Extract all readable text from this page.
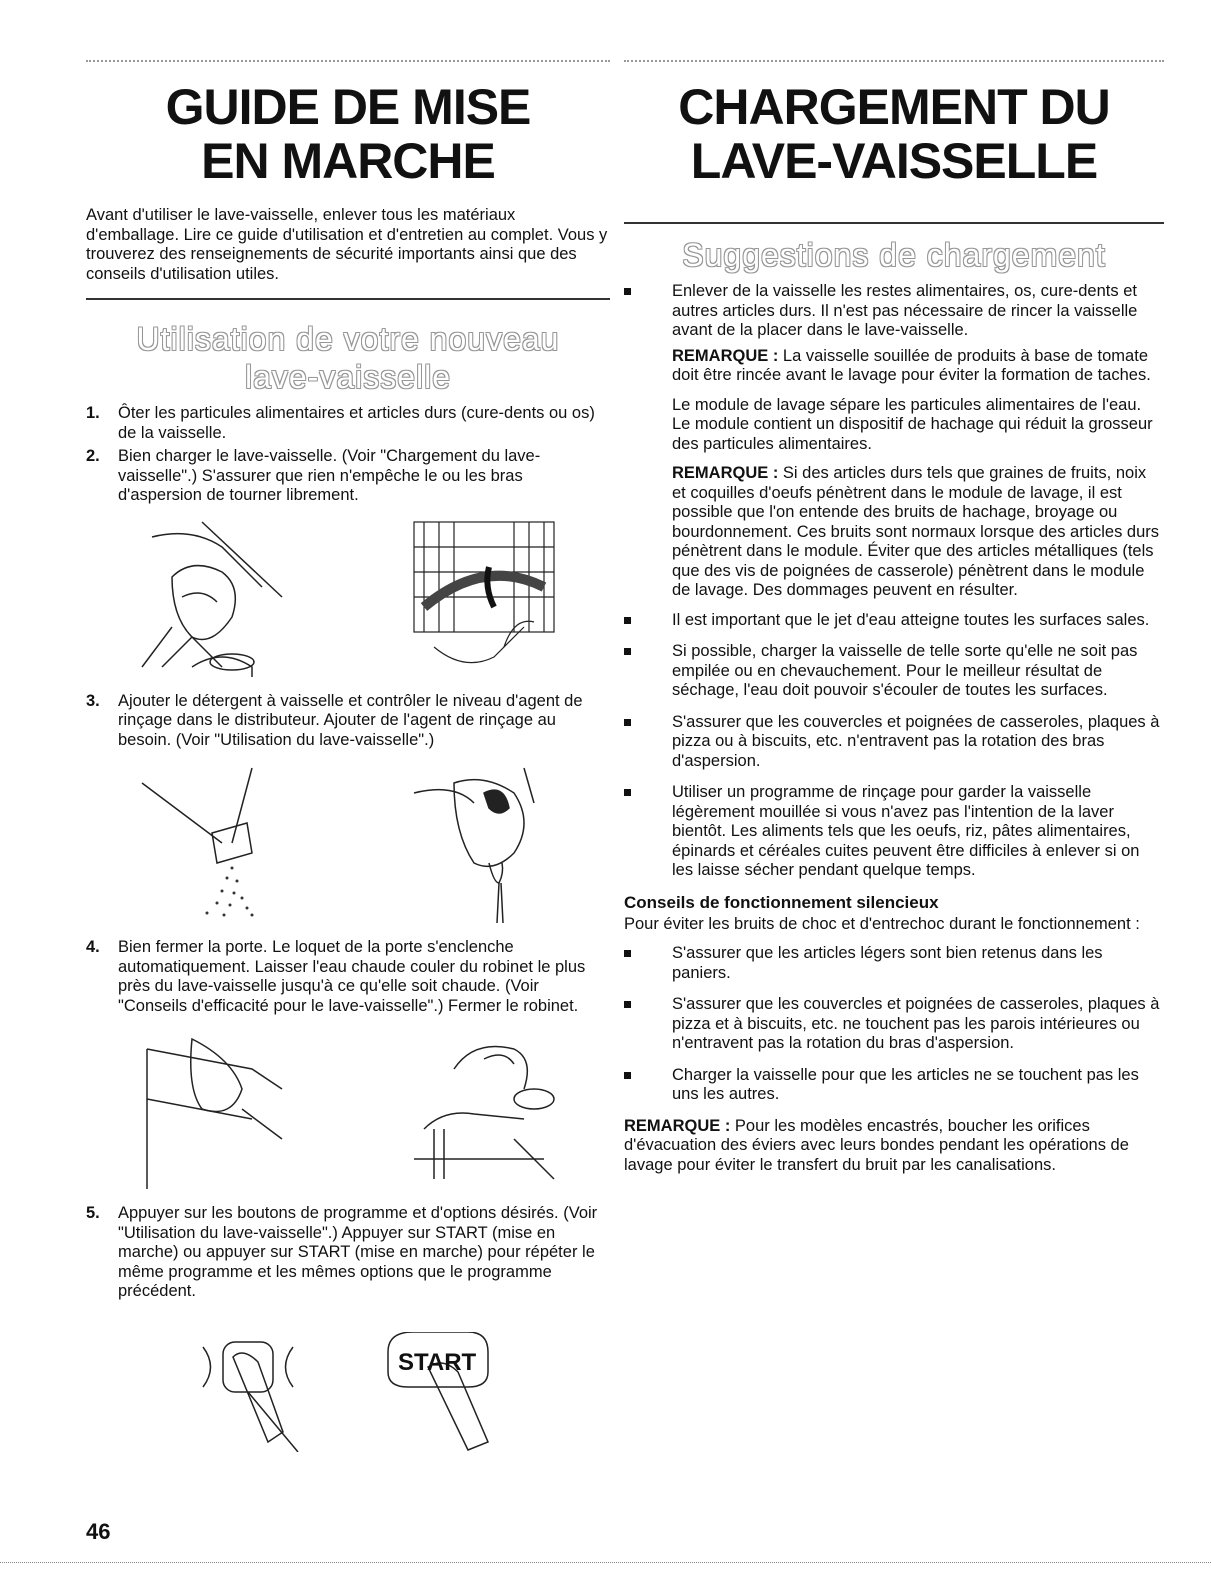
GUIDE DE MISE
EN MARCHE

Avant d'utiliser le lave-vaisselle, enlever tous les matériaux d'emballage. Lire ce guide d'utilisation et d'entretien au complet. Vous y trouverez des renseignements de sécurité importants ainsi que des conseils d'utilisation utiles.

Utilisation de votre nouveau
lave-vaisselle
1. Ôter les particules alimentaires et articles durs (cure-dents ou os) de la vaisselle.
2. Bien charger le lave-vaisselle. (Voir "Chargement du lave-vaisselle".) S'assurer que rien n'empêche le ou les bras d'aspersion de tourner librement.
3. Ajouter le détergent à vaisselle et contrôler le niveau d'agent de rinçage dans le distributeur. Ajouter de l'agent de rinçage au besoin. (Voir "Utilisation du lave-vaisselle".)
4. Bien fermer la porte. Le loquet de la porte s'enclenche automatiquement. Laisser l'eau chaude couler du robinet le plus près du lave-vaisselle jusqu'à ce qu'elle soit chaude. (Voir "Conseils d'efficacité pour le lave-vaisselle".) Fermer le robinet.
5. Appuyer sur les boutons de programme et d'options désirés. (Voir "Utilisation du lave-vaisselle".) Appuyer sur START (mise en marche) ou appuyer sur START (mise en marche) pour répéter le même programme et les mêmes options que le programme précédent.
START
CHARGEMENT DU
LAVE-VAISSELLE
Suggestions de chargement
Enlever de la vaisselle les restes alimentaires, os, cure-dents et autres articles durs. Il n'est pas nécessaire de rincer la vaisselle avant de la placer dans le lave-vaisselle.

REMARQUE : La vaisselle souillée de produits à base de tomate doit être rincée avant le lavage pour éviter la formation de taches.

Le module de lavage sépare les particules alimentaires de l'eau. Le module contient un dispositif de hachage qui réduit la grosseur des particules alimentaires.

REMARQUE : Si des articles durs tels que graines de fruits, noix et coquilles d'oeufs pénètrent dans le module de lavage, il est possible que l'on entende des bruits de hachage, broyage ou bourdonnement. Ces bruits sont normaux lorsque des articles durs pénètrent dans le module. Éviter que des articles métalliques (tels que des vis de poignées de casserole) pénètrent dans le module de lavage. Des dommages peuvent en résulter.

Il est important que le jet d'eau atteigne toutes les surfaces sales.
Si possible, charger la vaisselle de telle sorte qu'elle ne soit pas empilée ou en chevauchement. Pour le meilleur résultat de séchage, l'eau doit pouvoir s'écouler de toutes les surfaces.
S'assurer que les couvercles et poignées de casseroles, plaques à pizza ou à biscuits, etc. n'entravent pas la rotation des bras d'aspersion.
Utiliser un programme de rinçage pour garder la vaisselle légèrement mouillée si vous n'avez pas l'intention de la laver bientôt. Les aliments tels que les oeufs, riz, pâtes alimentaires, épinards et céréales cuites peuvent être difficiles à enlever si on les laisse sécher pendant quelque temps.
Conseils de fonctionnement silencieux

Pour éviter les bruits de choc et d'entrechoc durant le fonctionnement :

S'assurer que les articles légers sont bien retenus dans les paniers.
S'assurer que les couvercles et poignées de casseroles, plaques à pizza et à biscuits, etc. ne touchent pas les parois intérieures ou n'entravent pas la rotation du bras d'aspersion.
Charger la vaisselle pour que les articles ne se touchent pas les uns les autres.

REMARQUE : Pour les modèles encastrés, boucher les orifices d'évacuation des éviers avec leurs bondes pendant les opérations de lavage pour éviter le transfert du bruit par les canalisations.

46
